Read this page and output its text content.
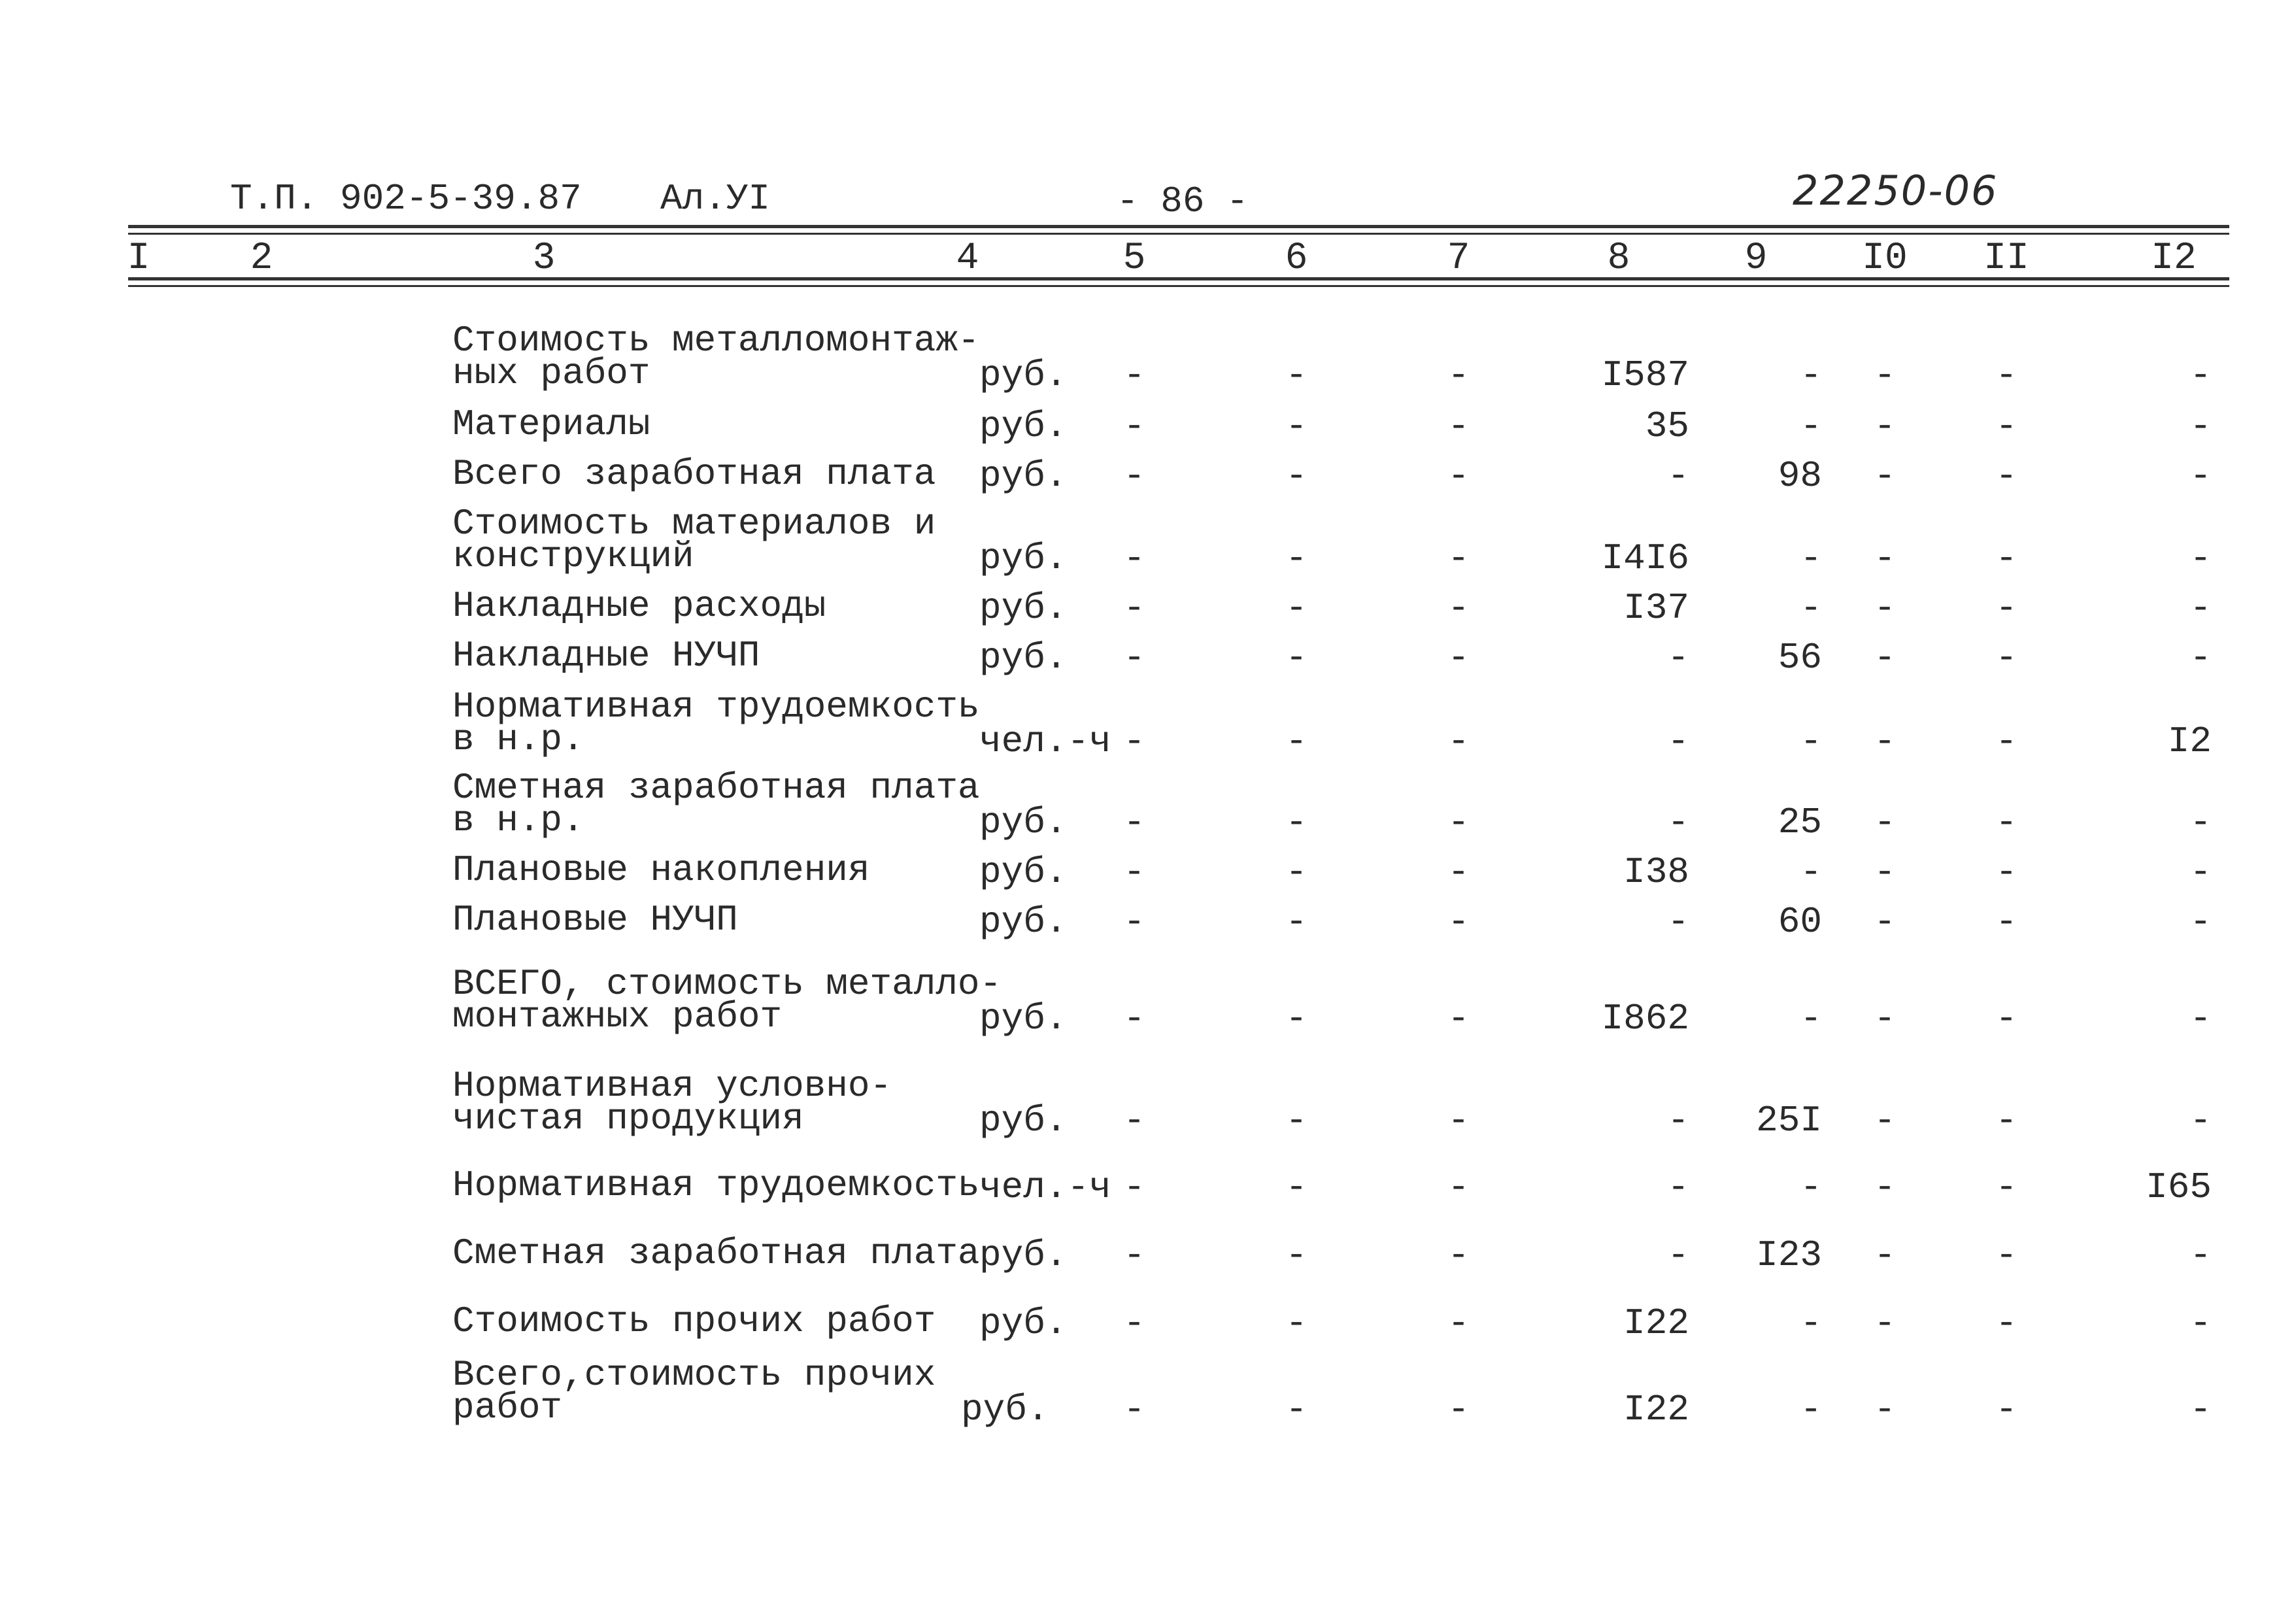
Т.П. 902-5-39.87 Ал.УI	- 86 -	22250-06
I	2	3	4	5	6	7	8	9 I0 II	I2
Стоимость металломонтаж-
ных работ	руб. -	-	-	I587	- -	-	-
Материалы	руб. -	-	-	35	- -	-	-
Всего заработная плата руб. -	-	-	- 98 -	-	-
Стоимость материалов и
конструкций	руб. -	-	-	I4I6	- -	-	-
Накладные расходы	руб. -	-	-	I37	- -	-	-
Накладные НУЧП	руб. -	-	-	- 56 -	-	-
Нормативная трудоемкость
в н.р.	чел.-ч -	-	-	-	- -	-	I2
Сметная заработная плата
в н.р.	руб. -	-	-	- 25 -	-	-
Плановые накопления	руб. -	-	-	I38	- -	-	-
Плановые НУЧП	руб. -	-	-	- 60 -	-	-
ВСЕГО, стоимость металло-
монтажных работ	руб. -	-	-	I862	- -	-	-
Нормативная условно-
чистая продукция	руб. -	-	-	- 25I -	-	-
Нормативная трудоемкость чел.-ч -	-	-	-	- -	-	I65
Сметная заработная плата руб. -	-	-	- I23 -	-	-
Стоимость прочих работ руб. -	-	-	I22	- -	-	-
Всего,стоимость прочих
работ	руб. -	-	-	I22	- -	-	-
